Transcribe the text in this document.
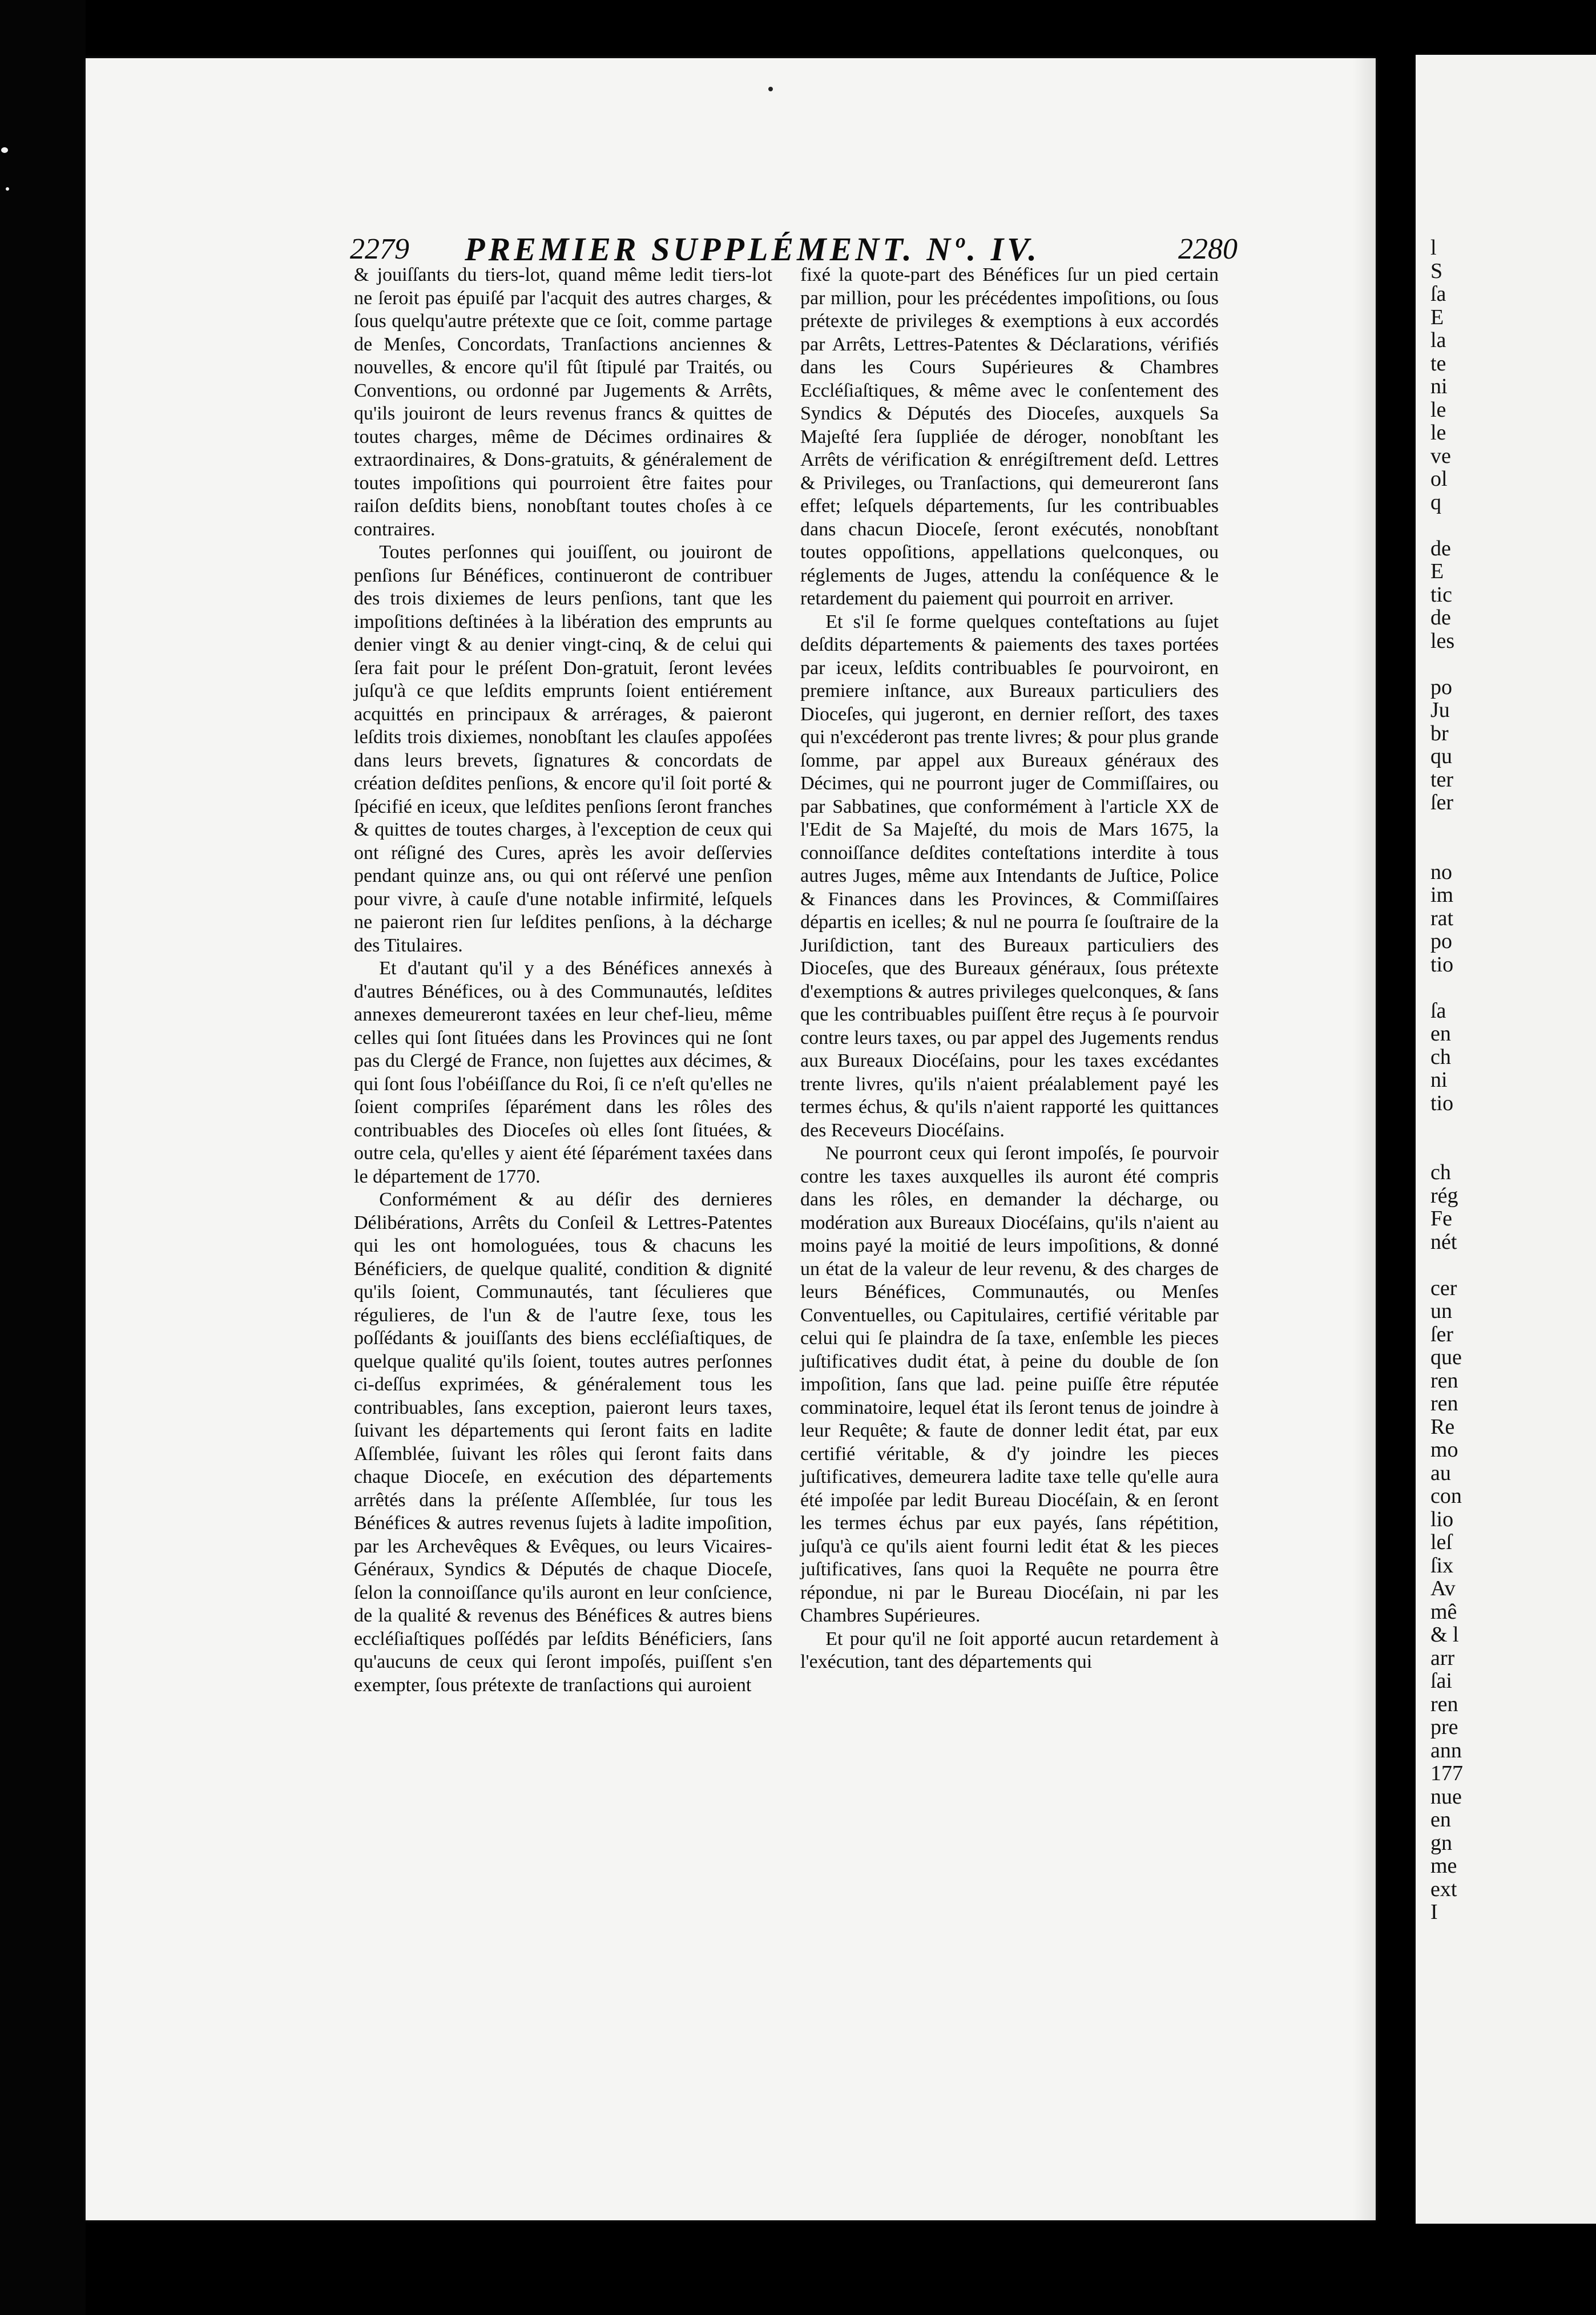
2279	PREMIER SUPPLÉMENT. Nº. IV.	2280

& jouiſſants du tiers-lot, quand même ledit tiers-lot ne ſeroit pas épuiſé par l'acquit des autres charges, & ſous quelqu'autre prétexte que ce ſoit, comme partage de Menſes, Concordats, Tranſactions anciennes & nouvelles, & encore qu'il fût ſtipulé par Traités, ou Conventions, ou ordonné par Jugements & Arrêts, qu'ils jouiront de leurs revenus francs & quittes de toutes charges, même de Décimes ordinaires & extraordinaires, & Dons-gratuits, & généralement de toutes impoſitions qui pourroient être faites pour raiſon deſdits biens, nonobſtant toutes choſes à ce contraires.

Toutes perſonnes qui jouiſſent, ou jouiront de penſions ſur Bénéfices, continueront de contribuer des trois dixiemes de leurs penſions, tant que les impoſitions deſtinées à la libération des emprunts au denier vingt & au denier vingt-cinq, & de celui qui ſera fait pour le préſent Don-gratuit, ſeront levées juſqu'à ce que leſdits emprunts ſoient entiérement acquittés en principaux & arrérages, & paieront leſdits trois dixiemes, nonobſtant les clauſes appoſées dans leurs brevets, ſignatures & concordats de création deſdites penſions, & encore qu'il ſoit porté & ſpécifié en iceux, que leſdites penſions ſeront franches & quittes de toutes charges, à l'exception de ceux qui ont réſigné des Cures, après les avoir deſſervies pendant quinze ans, ou qui ont réſervé une penſion pour vivre, à cauſe d'une notable infirmité, leſquels ne paieront rien ſur leſdites penſions, à la décharge des Titulaires.

Et d'autant qu'il y a des Bénéfices annexés à d'autres Bénéfices, ou à des Communautés, leſdites annexes demeureront taxées en leur chef-lieu, même celles qui ſont ſituées dans les Provinces qui ne ſont pas du Clergé de France, non ſujettes aux décimes, & qui ſont ſous l'obéiſſance du Roi, ſi ce n'eſt qu'elles ne ſoient compriſes ſéparément dans les rôles des contribuables des Dioceſes où elles ſont ſituées, & outre cela, qu'elles y aient été ſéparément taxées dans le département de 1770.

Conformément & au déſir des dernieres Délibérations, Arrêts du Conſeil & Lettres-Patentes qui les ont homologuées, tous & chacuns les Bénéficiers, de quelque qualité, condition & dignité qu'ils ſoient, Communautés, tant ſéculieres que régulieres, de l'un & de l'autre ſexe, tous les poſſédants & jouiſſants des biens eccléſiaſtiques, de quelque qualité qu'ils ſoient, toutes autres perſonnes ci-deſſus exprimées, & généralement tous les contribuables, ſans exception, paieront leurs taxes, ſuivant les départements qui ſeront faits en ladite Aſſemblée, ſuivant les rôles qui ſeront faits dans chaque Dioceſe, en exécution des départements arrêtés dans la préſente Aſſemblée, ſur tous les Bénéfices & autres revenus ſujets à ladite impoſition, par les Archevêques & Evêques, ou leurs Vicaires-Généraux, Syndics & Députés de chaque Dioceſe, ſelon la connoiſſance qu'ils auront en leur conſcience, de la qualité & revenus des Bénéfices & autres biens eccléſiaſtiques poſſédés par leſdits Bénéficiers, ſans qu'aucuns de ceux qui ſeront impoſés, puiſſent s'en exempter, ſous prétexte de tranſactions qui auroient

fixé la quote-part des Bénéfices ſur un pied certain par million, pour les précédentes impoſitions, ou ſous prétexte de privileges & exemptions à eux accordés par Arrêts, Lettres-Patentes & Déclarations, vérifiés dans les Cours Supérieures & Chambres Eccléſiaſtiques, & même avec le conſentement des Syndics & Députés des Dioceſes, auxquels Sa Majeſté ſera ſuppliée de déroger, nonobſtant les Arrêts de vérification & enrégiſtrement deſd. Lettres & Privileges, ou Tranſactions, qui demeureront ſans effet; leſquels départements, ſur les contribuables dans chacun Dioceſe, ſeront exécutés, nonobſtant toutes oppoſitions, appellations quelconques, ou réglements de Juges, attendu la conſéquence & le retardement du paiement qui pourroit en arriver.

Et s'il ſe forme quelques conteſtations au ſujet deſdits départements & paiements des taxes portées par iceux, leſdits contribuables ſe pourvoiront, en premiere inſtance, aux Bureaux particuliers des Dioceſes, qui jugeront, en dernier reſſort, des taxes qui n'excéderont pas trente livres; & pour plus grande ſomme, par appel aux Bureaux généraux des Décimes, qui ne pourront juger de Commiſſaires, ou par Sabbatines, que conformément à l'article XX de l'Edit de Sa Majeſté, du mois de Mars 1675, la connoiſſance deſdites conteſtations interdite à tous autres Juges, même aux Intendants de Juſtice, Police & Finances dans les Provinces, & Commiſſaires départis en icelles; & nul ne pourra ſe ſouſtraire de la Juriſdiction, tant des Bureaux particuliers des Dioceſes, que des Bureaux généraux, ſous prétexte d'exemptions & autres privileges quelconques, & ſans que les contribuables puiſſent être reçus à ſe pourvoir contre leurs taxes, ou par appel des Jugements rendus aux Bureaux Diocéſains, pour les taxes excédantes trente livres, qu'ils n'aient préalablement payé les termes échus, & qu'ils n'aient rapporté les quittances des Receveurs Diocéſains.

Ne pourront ceux qui ſeront impoſés, ſe pourvoir contre les taxes auxquelles ils auront été compris dans les rôles, en demander la décharge, ou modération aux Bureaux Diocéſains, qu'ils n'aient au moins payé la moitié de leurs impoſitions, & donné un état de la valeur de leur revenu, & des charges de leurs Bénéfices, Communautés, ou Menſes Conventuelles, ou Capitulaires, certifié véritable par celui qui ſe plaindra de ſa taxe, enſemble les pieces juſtificatives dudit état, à peine du double de ſon impoſition, ſans que lad. peine puiſſe être réputée comminatoire, lequel état ils ſeront tenus de joindre à leur Requête; & faute de donner ledit état, par eux certifié véritable, & d'y joindre les pieces juſtificatives, demeurera ladite taxe telle qu'elle aura été impoſée par ledit Bureau Diocéſain, & en ſeront les termes échus par eux payés, ſans répétition, juſqu'à ce qu'ils aient fourni ledit état & les pieces juſtificatives, ſans quoi la Requête ne pourra être répondue, ni par le Bureau Diocéſain, ni par les Chambres Supérieures.

Et pour qu'il ne ſoit apporté aucun retardement à l'exécution, tant des départements qui

l
S
ſa
E
la
te
ni
le
le
ve
ol
q

de
E
tic
de
les

po
Ju
br
qu
ter
ſer

no
im
rat
po
tio

ſa
en
ch
ni
tio

ch
rég
Fe
nét

cer
un
ſer
que
ren
ren
Re
mo
au
con
lio
leſ
ſix
Av
mê
& l
arr
ſai
ren
pre
ann
177
nue
en
gn
me
ext
I
